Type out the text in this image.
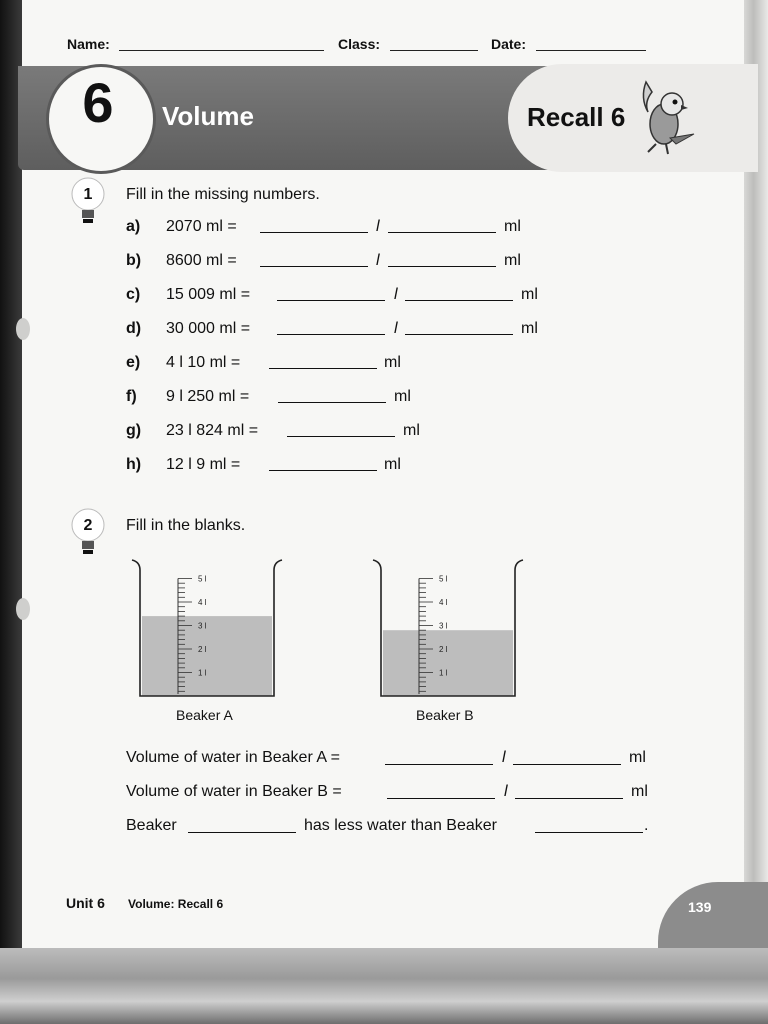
Name:	Class:	Date:
6	Volume	Recall 6
1 Fill in the missing numbers.
a) 2070 ml =	l	ml
b) 8600 ml =	l	ml
c) 15 009 ml =	l	ml
d) 30 000 ml =	l	ml
e) 4 l 10 ml =	ml
f) 9 l 250 ml =	ml
g) 23 l 824 ml =	ml
h) 12 l 9 ml =	ml
2 Fill in the blanks.
1 l
2 l
3 l
4 l
5 l
Beaker A
1 l
2 l
3 l
4 l
5 l
Beaker B
Volume of water in Beaker A =	l	ml
Volume of water in Beaker B =	l	ml
Beaker	has less water than Beaker	.
Unit 6 Volume: Recall 6	139
